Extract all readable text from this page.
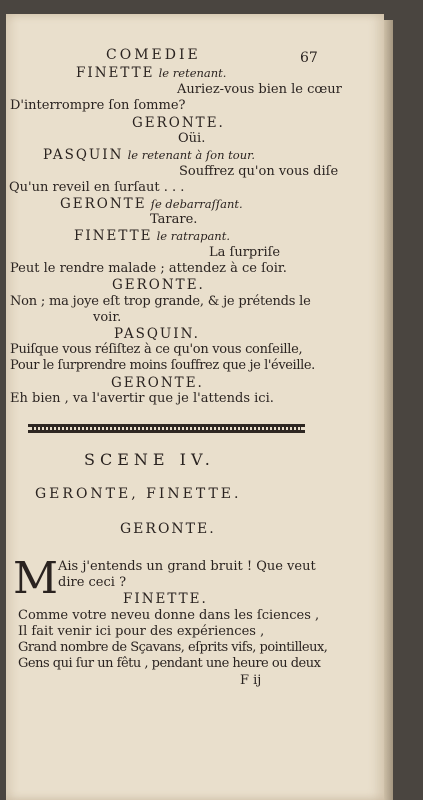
COMEDIE	67
FINETTE le retenant.
Auriez-vous bien le cœur
D'interrompre ſon ſomme?
GERONTE.
Oüi.
PASQUIN le retenant à ſon tour.
Souffrez qu'on vous diſe
Qu'un reveil en ſurſaut . . .
GERONTE ſe debarraſſant.
Tarare.
FINETTE le ratrapant.
La ſurpriſe
Peut le rendre malade ; attendez à ce ſoir.
GERONTE.
Non ; ma joye eſt trop grande, & je prétends le
voir.
PASQUIN.
Puiſque vous réſiſtez à ce qu'on vous conſeille,
Pour le ſurprendre moins ſouffrez que je l'éveille.
GERONTE.
Eh bien , va l'avertir que je l'attends ici.
SCENE IV.
GERONTE, FINETTE.
GERONTE.
M Ais j'entends un grand bruit ! Que veut
dire ceci ?
FINETTE.
Comme votre neveu donne dans les ſciences ,
Il fait venir ici pour des expériences ,
Grand nombre de Sçavans, eſprits vifs, pointilleux,
Gens qui ſur un fêtu , pendant une heure ou deux
F ij
